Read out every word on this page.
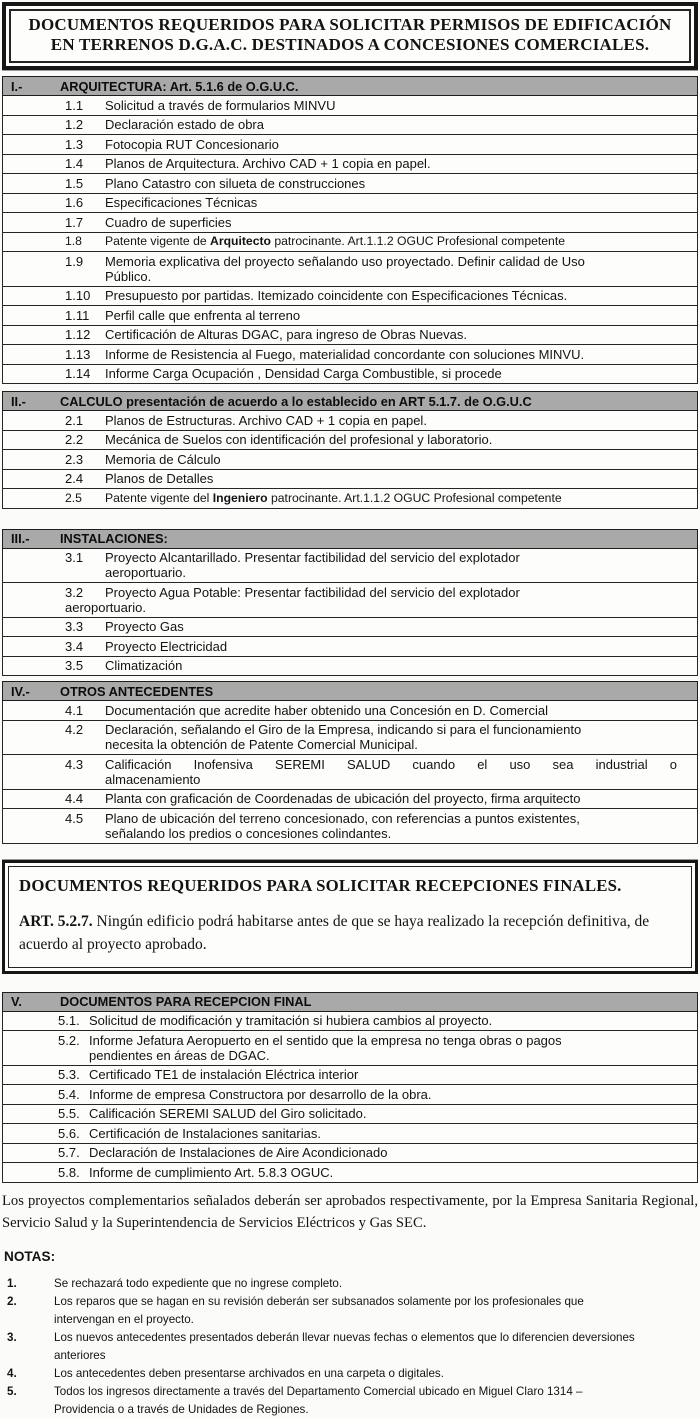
DOCUMENTOS REQUERIDOS PARA SOLICITAR PERMISOS DE EDIFICACIÓN
EN TERRENOS D.G.A.C. DESTINADOS A CONCESIONES COMERCIALES.
I.-	ARQUITECTURA: Art. 5.1.6 de O.G.U.C.
1.1	Solicitud a través de formularios MINVU
1.2	Declaración estado de obra
1.3	Fotocopia RUT Concesionario
1.4	Planos de Arquitectura. Archivo CAD + 1 copia en papel.
1.5	Plano Catastro con silueta de construcciones
1.6	Especificaciones Técnicas
1.7	Cuadro de superficies
1.8	Patente vigente de Arquitecto patrocinante. Art.1.1.2 OGUC Profesional competente
1.9	Memoria explicativa del proyecto señalando uso proyectado. Definir calidad de Uso
Público.
1.10	Presupuesto por partidas. Itemizado coincidente con Especificaciones Técnicas.
1.11	Perfil calle que enfrenta al terreno
1.12	Certificación de Alturas DGAC, para ingreso de Obras Nuevas.
1.13	Informe de Resistencia al Fuego, materialidad concordante con soluciones MINVU.
1.14	Informe Carga Ocupación , Densidad Carga Combustible, si procede
II.-	CALCULO presentación de acuerdo a lo establecido en ART 5.1.7. de O.G.U.C
2.1	Planos de Estructuras. Archivo CAD + 1 copia en papel.
2.2	Mecánica de Suelos con identificación del profesional y laboratorio.
2.3	Memoria de Cálculo
2.4	Planos de Detalles
2.5	Patente vigente del Ingeniero patrocinante. Art.1.1.2 OGUC Profesional competente
III.-	INSTALACIONES:
3.1	Proyecto Alcantarillado. Presentar factibilidad del servicio del explotador
aeroportuario.
3.2	Proyecto Agua Potable: Presentar factibilidad del servicio del explotador
aeroportuario.
3.3	Proyecto Gas
3.4	Proyecto Electricidad
3.5	Climatización
IV.-	OTROS ANTECEDENTES
4.1	Documentación que acredite haber obtenido una Concesión en D. Comercial
4.2	Declaración, señalando el Giro de la Empresa, indicando si para el funcionamiento
necesita la obtención de Patente Comercial Municipal.
4.3	Calificación Inofensiva SEREMI SALUD cuando el uso sea industrial o
almacenamiento
4.4	Planta con graficación de Coordenadas de ubicación del proyecto, firma arquitecto
4.5	Plano de ubicación del terreno concesionado, con referencias a puntos existentes,
señalando los predios o concesiones colindantes.

DOCUMENTOS REQUERIDOS PARA SOLICITAR RECEPCIONES FINALES.

ART. 5.2.7. Ningún edificio podrá habitarse antes de que se haya realizado la recepción definitiva, de acuerdo al proyecto aprobado.

V.	DOCUMENTOS PARA RECEPCION FINAL
5.1. Solicitud de modificación y tramitación si hubiera cambios al proyecto.
5.2. Informe Jefatura Aeropuerto en el sentido que la empresa no tenga obras o pagos
pendientes en áreas de DGAC.
5.3. Certificado TE1 de instalación Eléctrica interior
5.4. Informe de empresa Constructora por desarrollo de la obra.
5.5. Calificación SEREMI SALUD del Giro solicitado.
5.6. Certificación de Instalaciones sanitarias.
5.7. Declaración de Instalaciones de Aire Acondicionado
5.8. Informe de cumplimiento Art. 5.8.3 OGUC.

Los proyectos complementarios señalados deberán ser aprobados respectivamente, por la Empresa Sanitaria Regional, Servicio Salud y la Superintendencia de Servicios Eléctricos y Gas SEC.

NOTAS:
1.	Se rechazará todo expediente que no ingrese completo.
2.	Los reparos que se hagan en su revisión deberán ser subsanados solamente por los profesionales que
intervengan en el proyecto.
3.	Los nuevos antecedentes presentados deberán llevar nuevas fechas o elementos que lo diferencien deversiones
anteriores
4.	Los antecedentes deben presentarse archivados en una carpeta o digitales.
5.	Todos los ingresos directamente a través del Departamento Comercial ubicado en Miguel Claro 1314 –
Providencia o a través de Unidades de Regiones.
